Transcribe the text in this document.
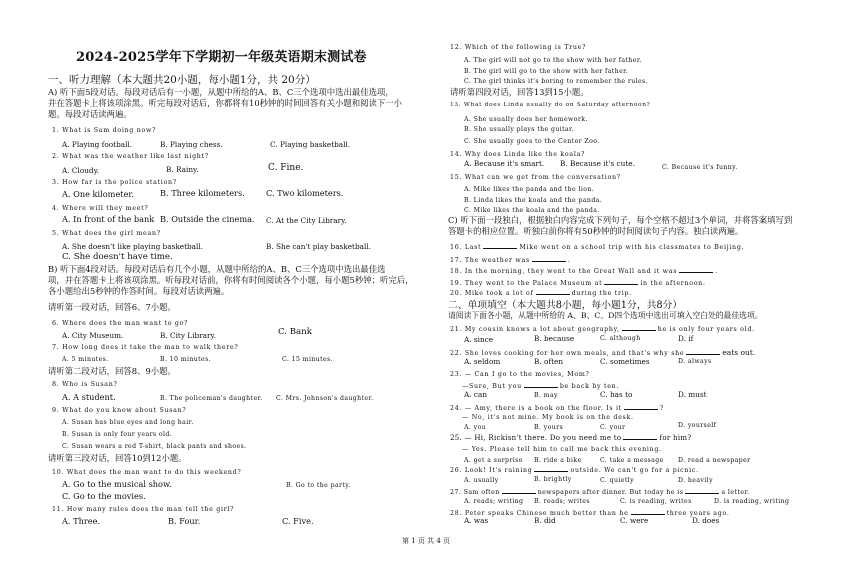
2024-2025学年下学期初一年级英语期末测试卷
一、听力理解（本大题共20小题，每小题1分，共 20分）
A) 听下面5段对话。每段对话后有一小题，从题中所给的A、B、C三个选项中选出最佳选项，
并在答题卡上将该项涂黑。听完每段对话后，你都将有10秒钟的时间回答有关小题和阅读下一小
题。每段对话读两遍。
1. What is Sam doing now?
A. Playing football.	B. Playing chess.	C. Playing basketball.
2. What was the weather like last night?
A. Cloudy.	B. Rainy.	C. Fine.
3. How far is the police station?
A. One kilometer.	B. Three kilometers.	C. Two kilometers.
4. Where will they meet?
A. In front of the bank B. Outside the cinema. C. At the City Library.
5. What does the girl mean?
A. She doesn't like playing basketball.	B. She can't play basketball.
C. She doesn't have time.
B) 听下面4段对话。每段对话后有几个小题，从题中所给的A、B、C三个选项中选出最佳选
项，并在答题卡上将该项涂黑。听每段对话前，你将有时间阅读各个小题，每小题5秒钟；听完后，
各小题给出5秒钟的作答时间。每段对话读两遍。
请听第一段对话，回答6、7小题。
6. Where does the man want to go?
A. City Museum.	B. City Library.	C. Bank
7. How long does it take the man to walk there?
A. 5 minutes.	B. 10 minutes.	C. 15 minutes.
请听第二段对话，回答8、9小题。
8. Who is Susan?
A. A student.	B. The policeman's daughter. C. Mrs. Johnson's daughter.
9. What do you know about Susan?
A. Susan has blue eyes and long hair.
B. Susan is only four years old.
C. Susan wears a red T-shirt, black pants and shoes.
请听第三段对话，回答10到12小题。
10. What does the man want to do this weekend?
A. Go to the musical show.	B. Go to the party.
C. Go to the movies.
11. How many rules does the man tell the girl?
A. Three.	B. Four.	C. Five.
12. Which of the following is True?
A. The girl will not go to the show with her father.
B. The girl will go to the show with her father.
C. The girl thinks it's boring to remember the rules.
请听第四段对话，回答13到15小题。
13. What does Linda usually do on Saturday afternoon?
A. She usually does her homework.
B. She usually plays the guitar.
C. She usually goes to the Center Zoo.
14. Why does Linda like the koala?
A. Because it's smart. B. Because it's cute.	C. Because it's funny.
15. What can we get from the conversation?
A. Mike likes the panda and the lion.
B. Linda likes the koala and the panda.
C. Mike likes the koala and the panda.
C) 听下面一段独白，根据独白内容完成下列句子，每个空格不超过3个单词，并将答案填写到
答题卡的相应位置。听独白前你将有50秒钟的时间阅读句子内容。独白读两遍。
16. Last	Mike went on a school trip with his classmates to Beijing.
17. The weather was	.
18. In the morning, they went to the Great Wall and it was	.
19. They went to the Palace Museum at	in the afternoon.
20. Mike took a lot of	during the trip.
二、单项填空（本大题共8小题，每小题1分，共8分）
请阅读下面各小题，从题中所给的 A、B、C、D四个选项中选出可填入空白处的最佳选项。
21. My cousin knows a lot about geography,	he is only four years old.
A. since	B. because	C. although	D. if
22. She loves cooking for her own meals, and that's why she	eats out.
A. seldom	B. often	C. sometimes	D. always
23. — Can I go to the movies, Mom?
—Sure, But you	be back by ten.
A. can	B. may	C. has to	D. must
24. — Amy, there is a book on the floor. Is it	?
— No, it's not mine. My book is on the desk.
A. you	B. yours	C. your	D. yourself
25. — Hi, Rickisn't there. Do you need me to	for him?
— Yes. Please tell him to call me back this evening.
A. get a surprise B. ride a bike	C. take a message D. read a newspaper
26. Look! It's raining	outside. We can't go for a picnic.
A. usually	B. brightly	C. quietly	D. heavily
27. Sam often	newspapers after dinner. But today he is	a letter.
A. reads; writing B. reads; writes	C. is reading, writes	D. is reading, writing
28. Peter speaks Chinese much better than he	three years ago.
A. was	B. did	C. were	D. does
第 1 页 共 4 页
